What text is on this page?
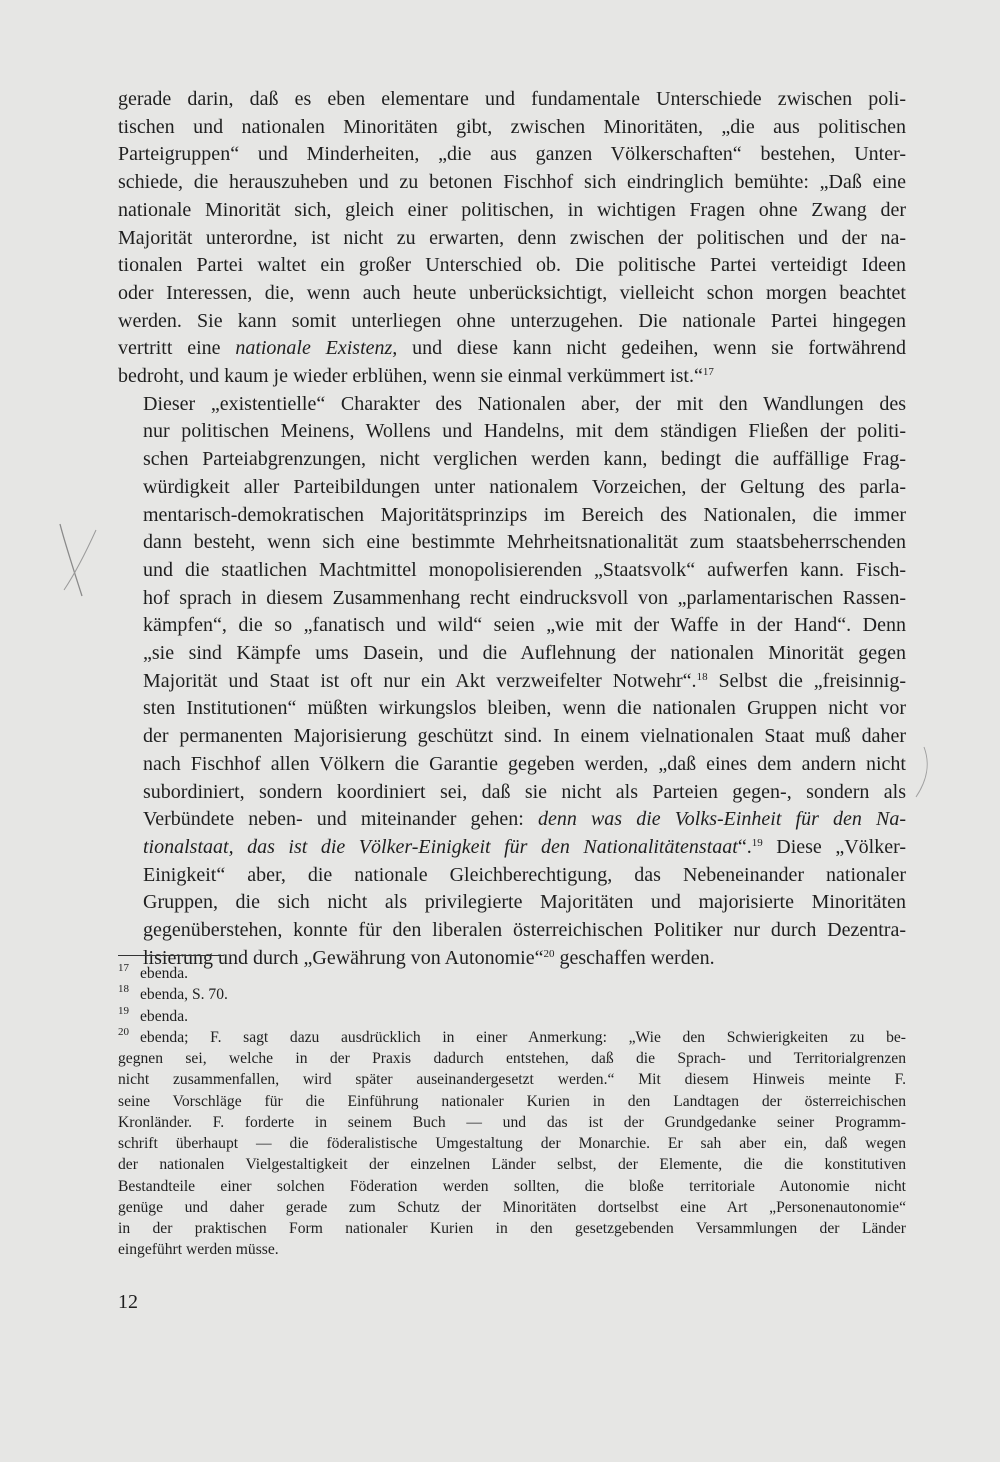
gerade darin, daß es eben elementare und fundamentale Unterschiede zwischen poli-
tischen und nationalen Minoritäten gibt, zwischen Minoritäten, „die aus politischen
Parteigruppen“ und Minderheiten, „die aus ganzen Völkerschaften“ bestehen, Unter-
schiede, die herauszuheben und zu betonen Fischhof sich eindringlich bemühte: „Daß eine
nationale Minorität sich, gleich einer politischen, in wichtigen Fragen ohne Zwang der
Majorität unterordne, ist nicht zu erwarten, denn zwischen der politischen und der na-
tionalen Partei waltet ein großer Unterschied ob. Die politische Partei verteidigt Ideen
oder Interessen, die, wenn auch heute unberücksichtigt, vielleicht schon morgen beachtet
werden. Sie kann somit unterliegen ohne unterzugehen. Die nationale Partei hingegen
vertritt eine nationale Existenz, und diese kann nicht gedeihen, wenn sie fortwährend
bedroht, und kaum je wieder erblühen, wenn sie einmal verkümmert ist.“$^{17}$

Dieser „existentielle“ Charakter des Nationalen aber, der mit den Wandlungen des
nur politischen Meinens, Wollens und Handelns, mit dem ständigen Fließen der politi-
schen Parteiabgrenzungen, nicht verglichen werden kann, bedingt die auffällige Frag-
würdigkeit aller Parteibildungen unter nationalem Vorzeichen, der Geltung des parla-
mentarisch-demokratischen Majoritätsprinzips im Bereich des Nationalen, die immer
dann besteht, wenn sich eine bestimmte Mehrheitsnationalität zum staatsbeherrschenden
und die staatlichen Machtmittel monopolisierenden „Staatsvolk“ aufwerfen kann. Fisch-
hof sprach in diesem Zusammenhang recht eindrucksvoll von „parlamentarischen Rassen-
kämpfen“, die so „fanatisch und wild“ seien „wie mit der Waffe in der Hand“. Denn
„sie sind Kämpfe ums Dasein, und die Auflehnung der nationalen Minorität gegen
Majorität und Staat ist oft nur ein Akt verzweifelter Notwehr“.$^{18}$ Selbst die „freisinnig-
sten Institutionen“ müßten wirkungslos bleiben, wenn die nationalen Gruppen nicht vor
der permanenten Majorisierung geschützt sind. In einem vielnationalen Staat muß daher
nach Fischhof allen Völkern die Garantie gegeben werden, „daß eines dem andern nicht
subordiniert, sondern koordiniert sei, daß sie nicht als Parteien gegen-, sondern als
Verbündete neben- und miteinander gehen: denn was die Volks-Einheit für den Na-
tionalstaat, das ist die Völker-Einigkeit für den Nationalitätenstaat“.$^{19}$ Diese „Völker-
Einigkeit“ aber, die nationale Gleichberechtigung, das Nebeneinander nationaler
Gruppen, die sich nicht als privilegierte Majoritäten und majorisierte Minoritäten
gegenüberstehen, konnte für den liberalen österreichischen Politiker nur durch Dezentra-
lisierung und durch „Gewährung von Autonomie“$^{20}$ geschaffen werden.

$^{17}$ ebenda.

$^{18}$ ebenda, S. 70.

$^{19}$ ebenda.

$^{20}$ ebenda; F. sagt dazu ausdrücklich in einer Anmerkung: „Wie den Schwierigkeiten zu be-
gegnen sei, welche in der Praxis dadurch entstehen, daß die Sprach- und Territorialgrenzen
nicht zusammenfallen, wird später auseinandergesetzt werden.“ Mit diesem Hinweis meinte F.
seine Vorschläge für die Einführung nationaler Kurien in den Landtagen der österreichischen
Kronländer. F. forderte in seinem Buch — und das ist der Grundgedanke seiner Programm-
schrift überhaupt — die föderalistische Umgestaltung der Monarchie. Er sah aber ein, daß wegen
der nationalen Vielgestaltigkeit der einzelnen Länder selbst, der Elemente, die die konstitutiven
Bestandteile einer solchen Föderation werden sollten, die bloße territoriale Autonomie nicht
genüge und daher gerade zum Schutz der Minoritäten dortselbst eine Art „Personenautonomie“
in der praktischen Form nationaler Kurien in den gesetzgebenden Versammlungen der Länder
eingeführt werden müsse.

12
